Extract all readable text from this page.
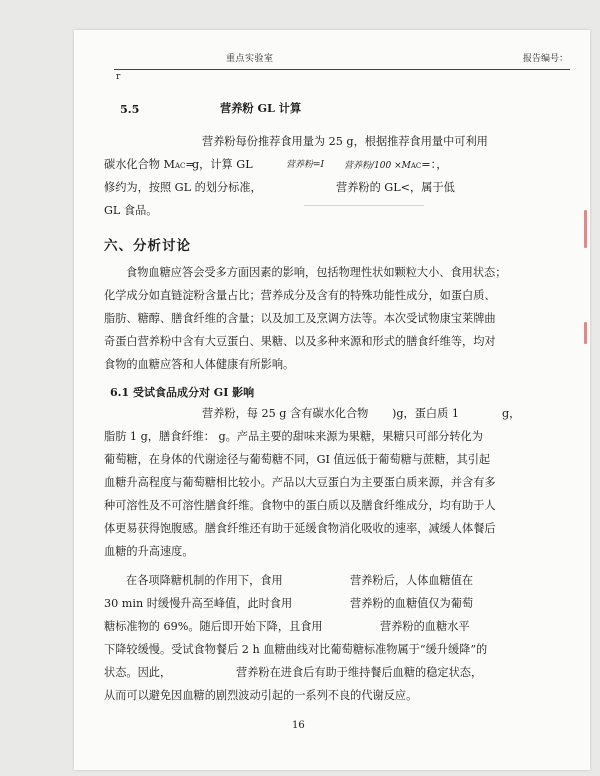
重点实验室	报告编号：
r
5.5	营养粉 GL 计算
营养粉每份推荐食用量为 25 g，根据推荐食用量中可利用
碳水化合物 MAC=
g，计算 GL	营养粉=I 营养粉/100 ×MAC=：，
修约为，按照 GL 的划分标准，	营养粉的 GL<，属于低
GL 食品。
六、分析讨论
食物血糖应答会受多方面因素的影响，包括物理性状如颗粒大小、食用状态；
化学成分如直链淀粉含量占比；营养成分及含有的特殊功能性成分，如蛋白质、
脂肪、糖醇、膳食纤维的含量；以及加工及烹调方法等。本次受试物康宝莱牌曲
奇蛋白营养粉中含有大豆蛋白、果糖、以及多种来源和形式的膳食纤维等，均对
食物的血糖应答和人体健康有所影响。
6.1 受试食品成分对 GI 影响
营养粉，每 25 g 含有碳水化合物 )g，蛋白质 1	g，
脂肪 1 g，膳食纤维： g。产品主要的甜味来源为果糖，果糖只可部分转化为
葡萄糖，在身体的代谢途径与葡萄糖不同，GI 值远低于葡萄糖与蔗糖，其引起
血糖升高程度与葡萄糖相比较小。产品以大豆蛋白为主要蛋白质来源，并含有多
种可溶性及不可溶性膳食纤维。食物中的蛋白质以及膳食纤维成分，均有助于人
体更易获得饱腹感。膳食纤维还有助于延缓食物消化吸收的速率，减缓人体餐后
血糖的升高速度。
在各项降糖机制的作用下，食用	营养粉后，人体血糖值在
30 min 时缓慢升高至峰值，此时食用	营养粉的血糖值仅为葡萄
糖标准物的 69%。随后即开始下降，且食用	营养粉的血糖水平
下降较缓慢。受试食物餐后 2 h 血糖曲线对比葡萄糖标准物属于“缓升缓降”的
状态。因此，	营养粉在进食后有助于维持餐后血糖的稳定状态，
从而可以避免因血糖的剧烈波动引起的一系列不良的代谢反应。
16
